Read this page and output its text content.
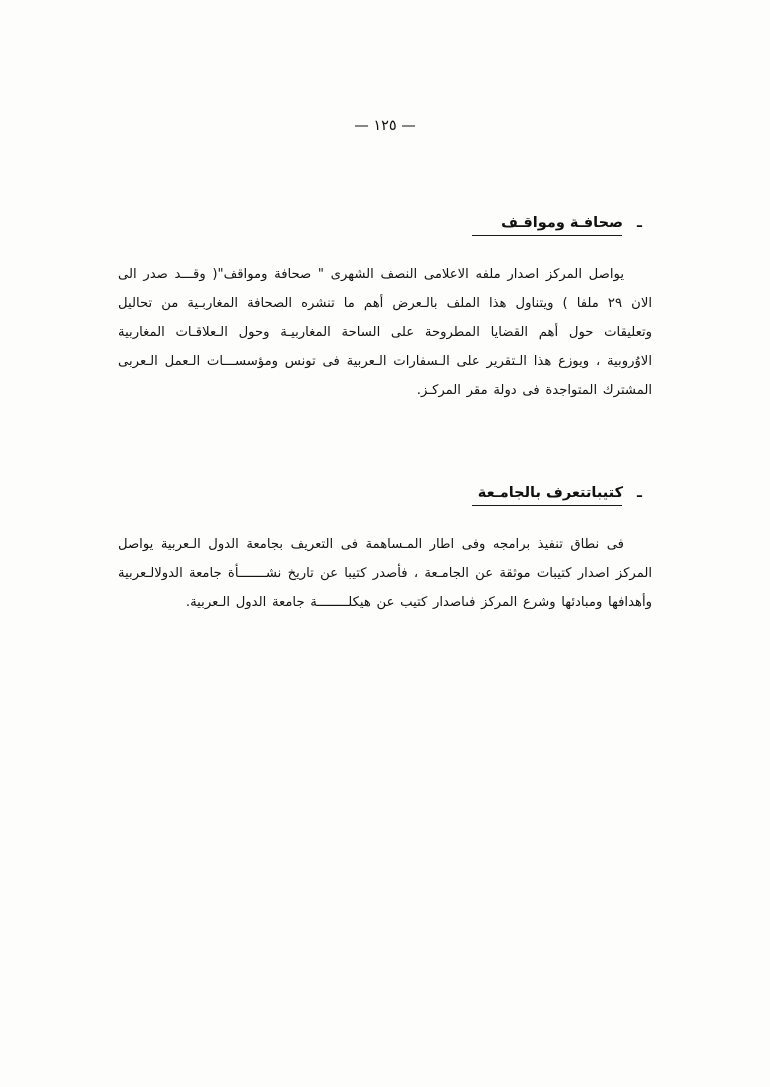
— ١٢٥ —
ـصحافـة ومواقـف

يواصل المركز اصدار ملفه الاعلامى النصف الشهرى " صحافة ومواقف"( وقـــد صدر الى الان ٢٩ ملفا ) ويتناول هذا الملف بالـعرض أهم ما تنشره الصحافة المغاربـية من تحاليل وتعليقات حول أهم القضايا المطروحة على الساحة المغاربيـة وحول الـعلاقـات المغاربية الاوُروبية ، ويوزع هذا الـتقرير على الـسفارات الـعربية فى تونس ومؤسســـات الـعمل الـعربى المشترك المتواجدة فى دولة مقر المركـز.

ـكتيباتتعرف بالجامـعة

فى نطاق تنفيذ برامجه وفى اطار المـساهمة فى التعريف بجامعة الدول الـعربية يواصل المركز اصدار كتيبات موثقة عن الجامـعة ، فأصدر كتيبا عن تاريخ نشـــــــأة جامعة الدولالـعربية وأهدافها ومبادئها وشرع المركز فىاصدار كتيب عن هيكلــــــــة جامعة الدول الـعربية.
